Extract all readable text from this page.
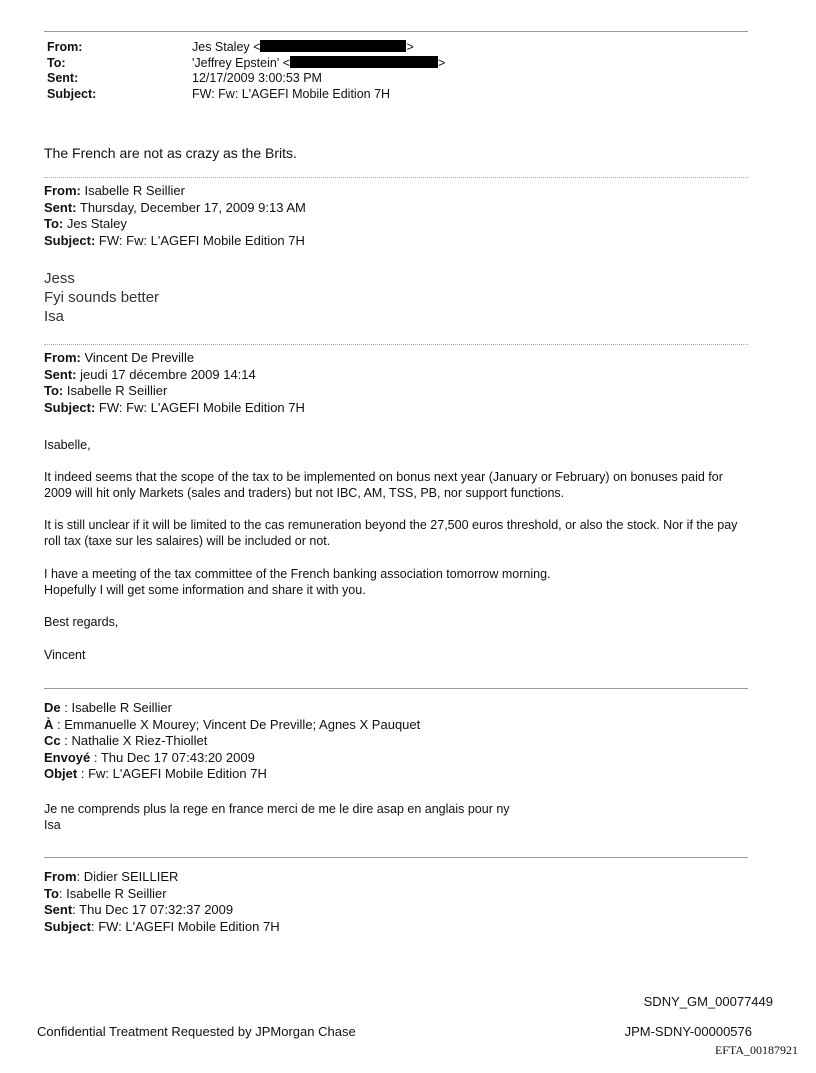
From:	Jes Staley <	>
To:	'Jeffrey Epstein' <	>
Sent:	12/17/2009 3:00:53 PM
Subject:	FW: Fw: L'AGEFI Mobile Edition 7H
The French are not as crazy as the Brits.
From: Isabelle R Seillier
Sent: Thursday, December 17, 2009 9:13 AM
To: Jes Staley
Subject: FW: Fw: L'AGEFI Mobile Edition 7H
Jess
Fyi sounds better
Isa
From: Vincent De Preville
Sent: jeudi 17 décembre 2009 14:14
To: Isabelle R Seillier
Subject: FW: Fw: L'AGEFI Mobile Edition 7H

Isabelle,

It indeed seems that the scope of the tax to be implemented on bonus next year (January or February) on bonuses paid for 2009 will hit only Markets (sales and traders) but not IBC, AM, TSS, PB, nor support functions.

It is still unclear if it will be limited to the cas remuneration beyond the 27,500 euros threshold, or also the stock. Nor if the pay roll tax (taxe sur les salaires) will be included or not.

I have a meeting of the tax committee of the French banking association tomorrow morning.

Hopefully I will get some information and share it with you.

Best regards,

Vincent

De : Isabelle R Seillier
À : Emmanuelle X Mourey; Vincent De Preville; Agnes X Pauquet
Cc : Nathalie X Riez-Thiollet
Envoyé : Thu Dec 17 07:43:20 2009
Objet : Fw: L'AGEFI Mobile Edition 7H

Je ne comprends plus la rege en france merci de me le dire asap en anglais pour ny

Isa

From: Didier SEILLIER
To: Isabelle R Seillier
Sent: Thu Dec 17 07:32:37 2009
Subject: FW: L'AGEFI Mobile Edition 7H
SDNY_GM_00077449
Confidential Treatment Requested by JPMorgan Chase	JPM-SDNY-00000576
EFTA_00187921
